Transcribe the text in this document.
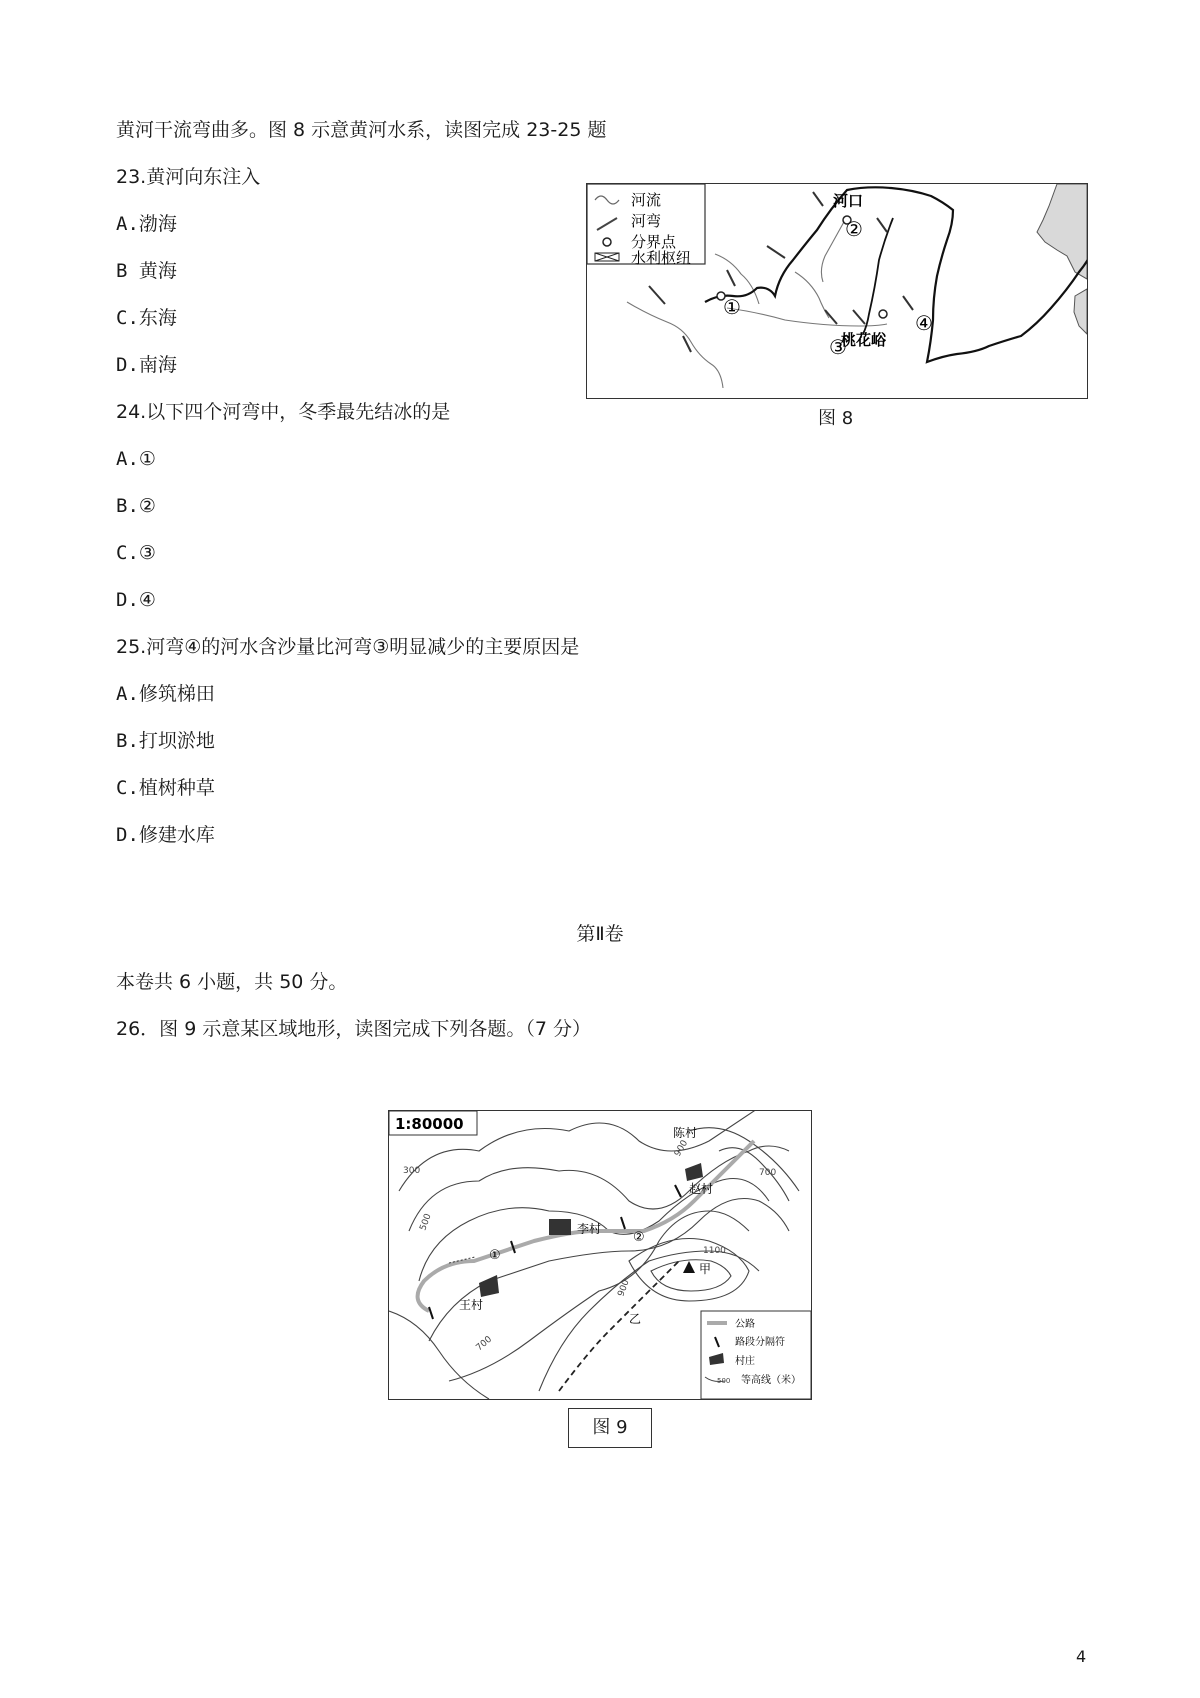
黄河干流弯曲多。图 8 示意黄河水系，读图完成 23-25 题
23.黄河向东注入
A.渤海
B 黄海
C.东海
D.南海
24.以下四个河弯中，冬季最先结冰的是
A.①
B.②
C.③
D.④
25.河弯④的河水含沙量比河弯③明显减少的主要原因是
A.修筑梯田
B.打坝淤地
C.植树种草
D.修建水库
第Ⅱ卷
本卷共 6 小题，共 50 分。
26．图 9 示意某区域地形，读图完成下列各题。（7 分）
河流
河弯
分界点
水利枢纽
河口
桃花峪
①
②
③
④
图 8
1:80000	陈村
赵村
李村
王村
甲
乙
①
②
300
500
900
700
1100
900
700
公路
路段分隔符
村庄
500 等高线（米）
图 9
4
